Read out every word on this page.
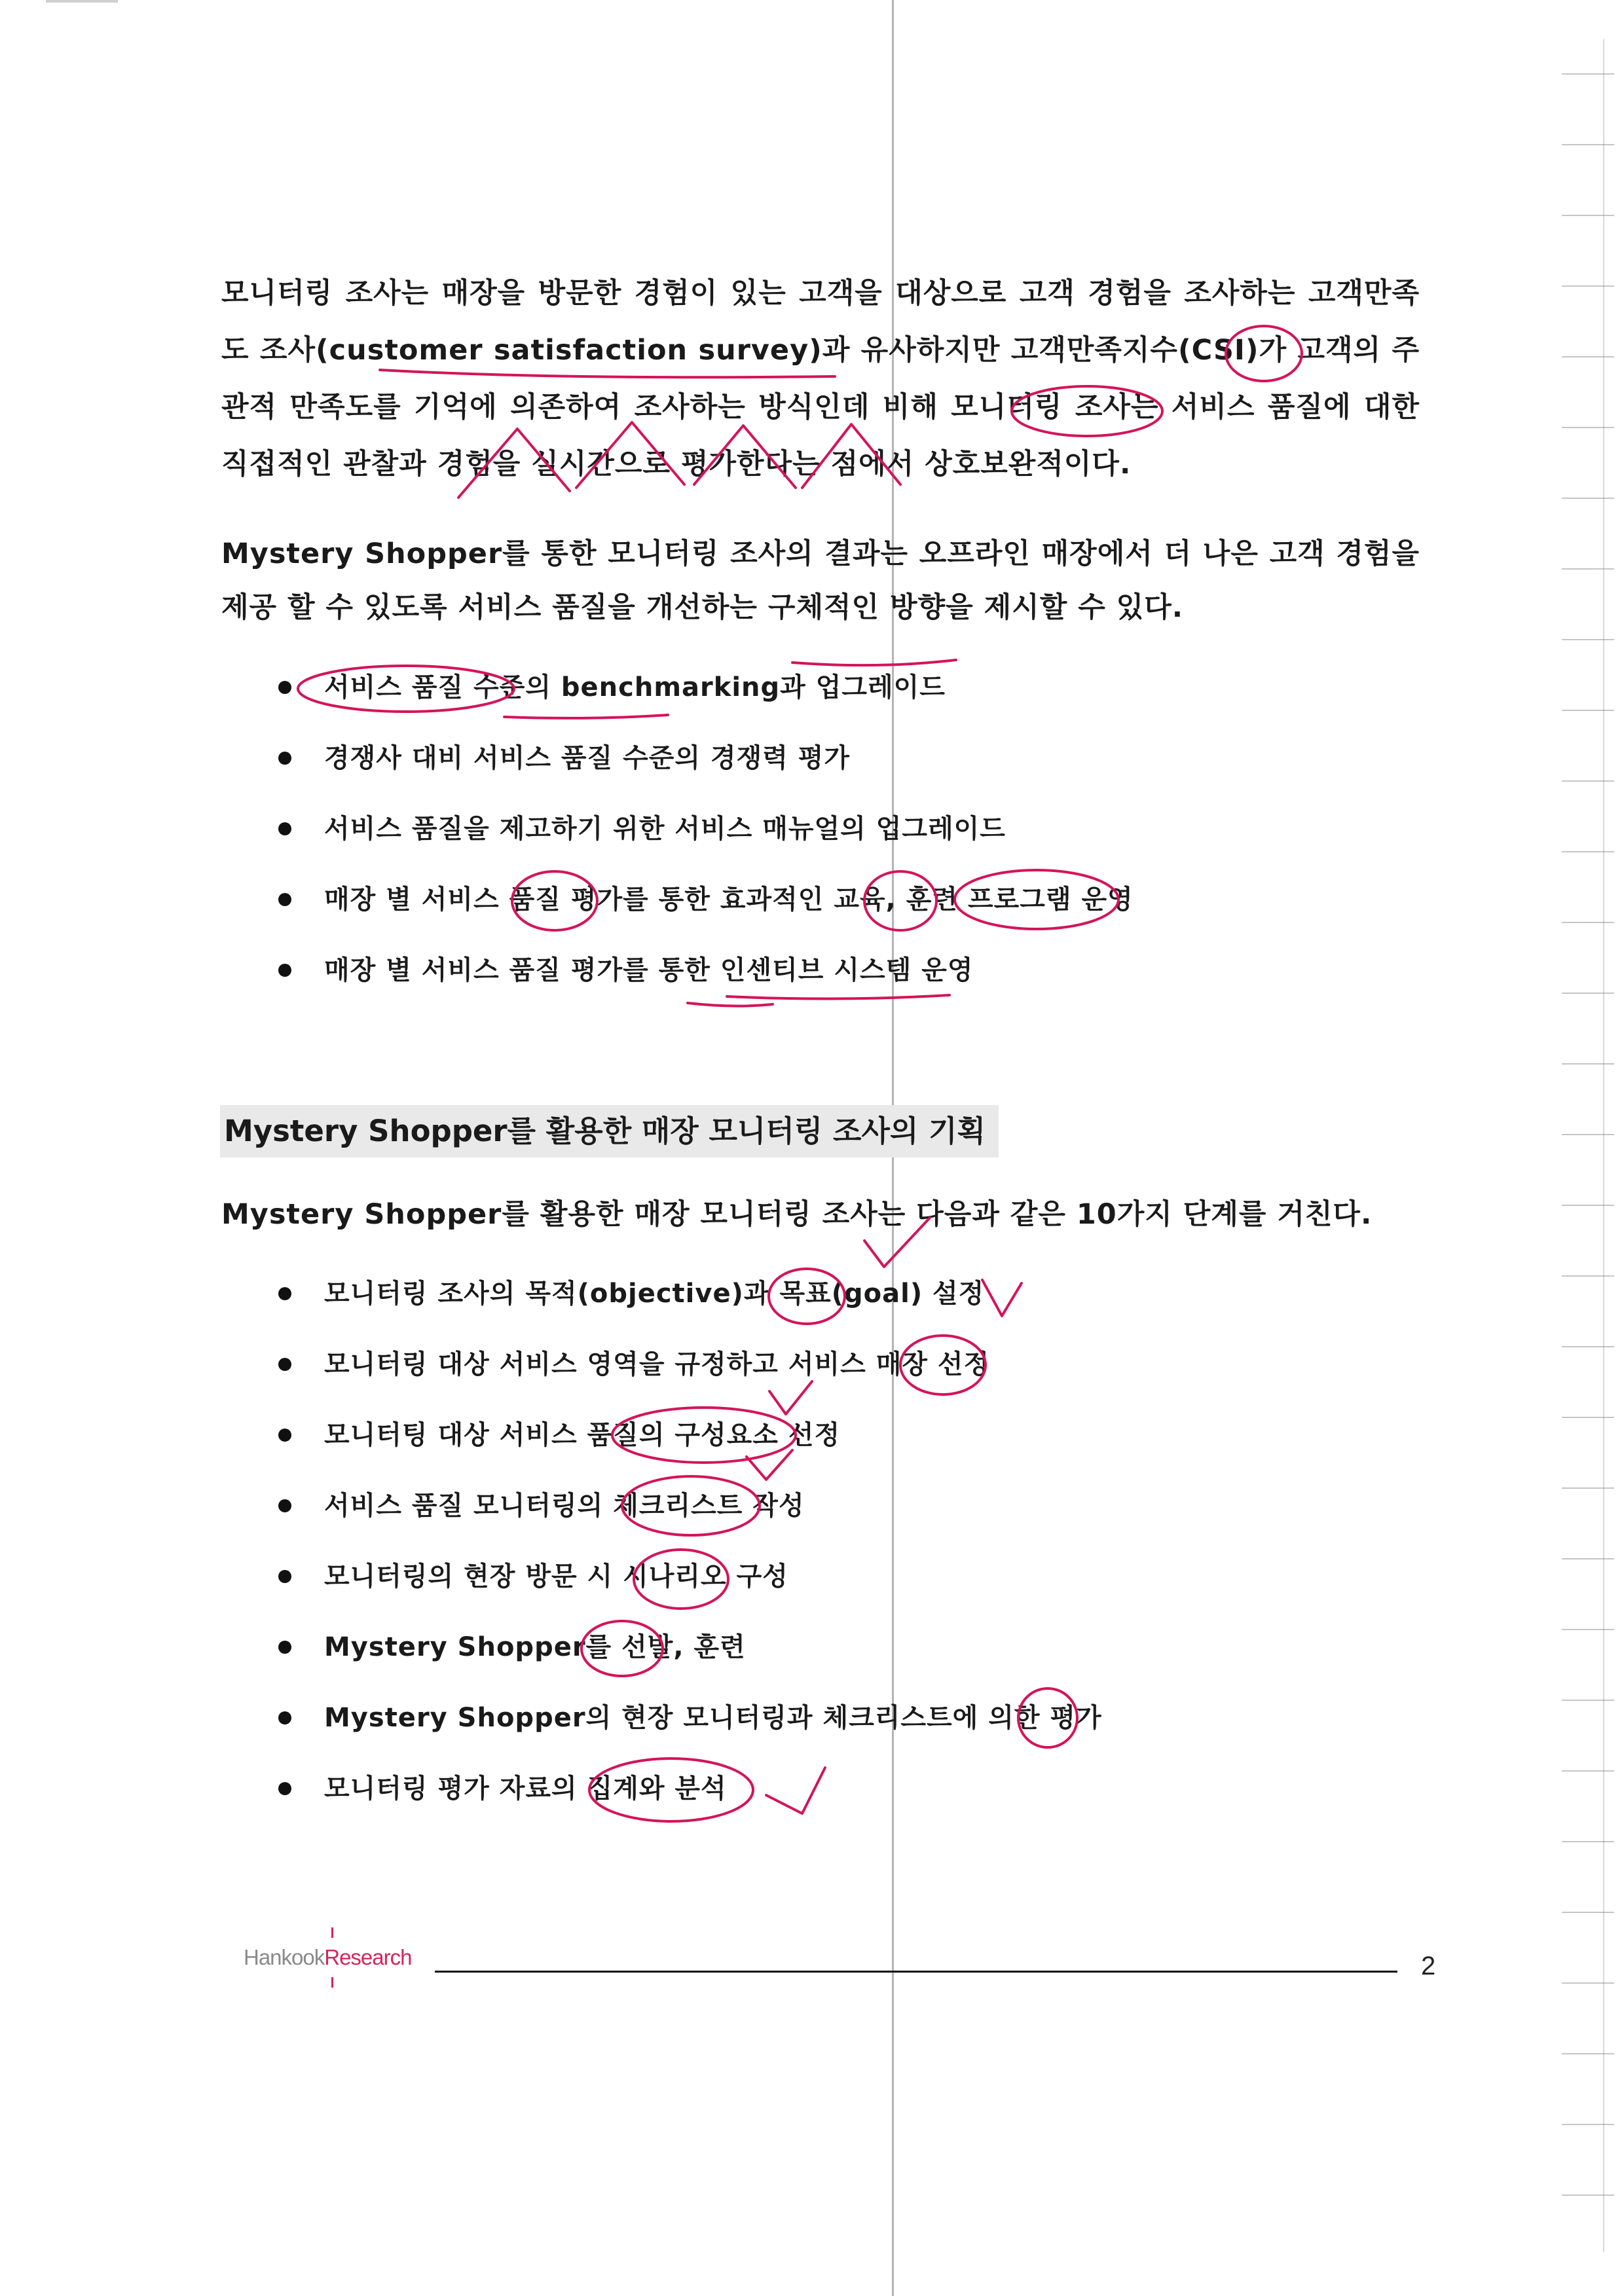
모니터링 조사는 매장을 방문한 경험이 있는 고객을 대상으로 고객 경험을 조사하는 고객만족도 조사(customer satisfaction survey)과 유사하지만 고객만족지수(CSI)가 고객의 주관적 만족도를 기억에 의존하여 조사하는 방식인데 비해 모니터링 조사는 서비스 품질에 대한 직접적인 관찰과 경험을 실시간으로 평가한다는 점에서 상호보완적이다.

Mystery Shopper를 통한 모니터링 조사의 결과는 오프라인 매장에서 더 나은 고객 경험을 제공 할 수 있도록 서비스 품질을 개선하는 구체적인 방향을 제시할 수 있다.

서비스 품질 수준의 benchmarking과 업그레이드
경쟁사 대비 서비스 품질 수준의 경쟁력 평가
서비스 품질을 제고하기 위한 서비스 매뉴얼의 업그레이드
매장 별 서비스 품질 평가를 통한 효과적인 교육, 훈련 프로그램 운영
매장 별 서비스 품질 평가를 통한 인센티브 시스템 운영
Mystery Shopper를 활용한 매장 모니터링 조사의 기획

Mystery Shopper를 활용한 매장 모니터링 조사는 다음과 같은 10가지 단계를 거친다.

모니터링 조사의 목적(objective)과 목표(goal) 설정
모니터링 대상 서비스 영역을 규정하고 서비스 매장 선정
모니터팅 대상 서비스 품질의 구성요소 선정
서비스 품질 모니터링의 체크리스트 작성
모니터링의 현장 방문 시 시나리오 구성
Mystery Shopper를 선발, 훈련
Mystery Shopper의 현장 모니터링과 체크리스트에 의한 평가
모니터링 평가 자료의 집계와 분석
HankookResearch	2
